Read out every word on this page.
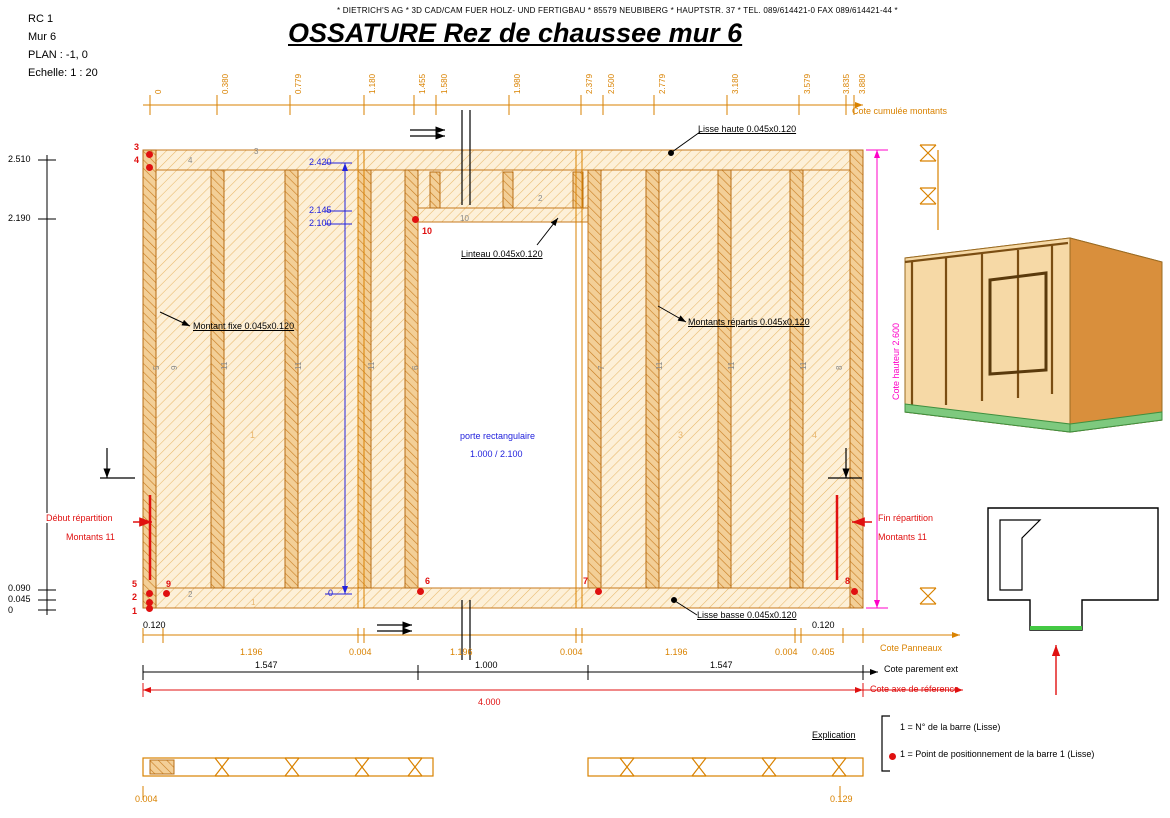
* DIETRICH'S AG * 3D CAD/CAM FUER HOLZ- UND FERTIGBAU * 85579 NEUBIBERG * HAUPTSTR. 37 * TEL. 089/614421-0 FAX 089/614421-44 *
OSSATURE Rez de chaussee mur 6
RC 1
Mur 6
PLAN : -1, 0
Echelle: 1 : 20
0	0.380	0.779	1.180	1.455 1.580	1.980	2.379 2.500	2.779	3.180	3.579	3.835 3.880
Cote cumulée montants
2.510
2.190
0.090
0.045
0
2.420
2.145
2.100
0
porte rectangulaire
1.000 / 2.100
Cote hauteur 2.600
0.120	0.120
1.196	0.004	1.196	0.004	1.196	0.004 0.405	Cote Panneaux
1.547	1.000	1.547	Cote parement ext
4.000
Cote axe de réference
0.004	0.129
Lisse haute 0.045x0.120
Linteau 0.045x0.120
Montant fixe 0.045x0.120	Montants répartis 0.045x0.120
Lisse basse 0.045x0.120
Début répartition
Montants 11
Fin répartition
Montants 11
4
3
2
10
5 9	11	11	11	6	7	11	11	11	8
1	3	4
2
1
3
4
10
5
2
1
9	6	7	8
Explication
1 = N° de la barre (Lisse)
1 = Point de positionnement de la barre 1 (Lisse)
